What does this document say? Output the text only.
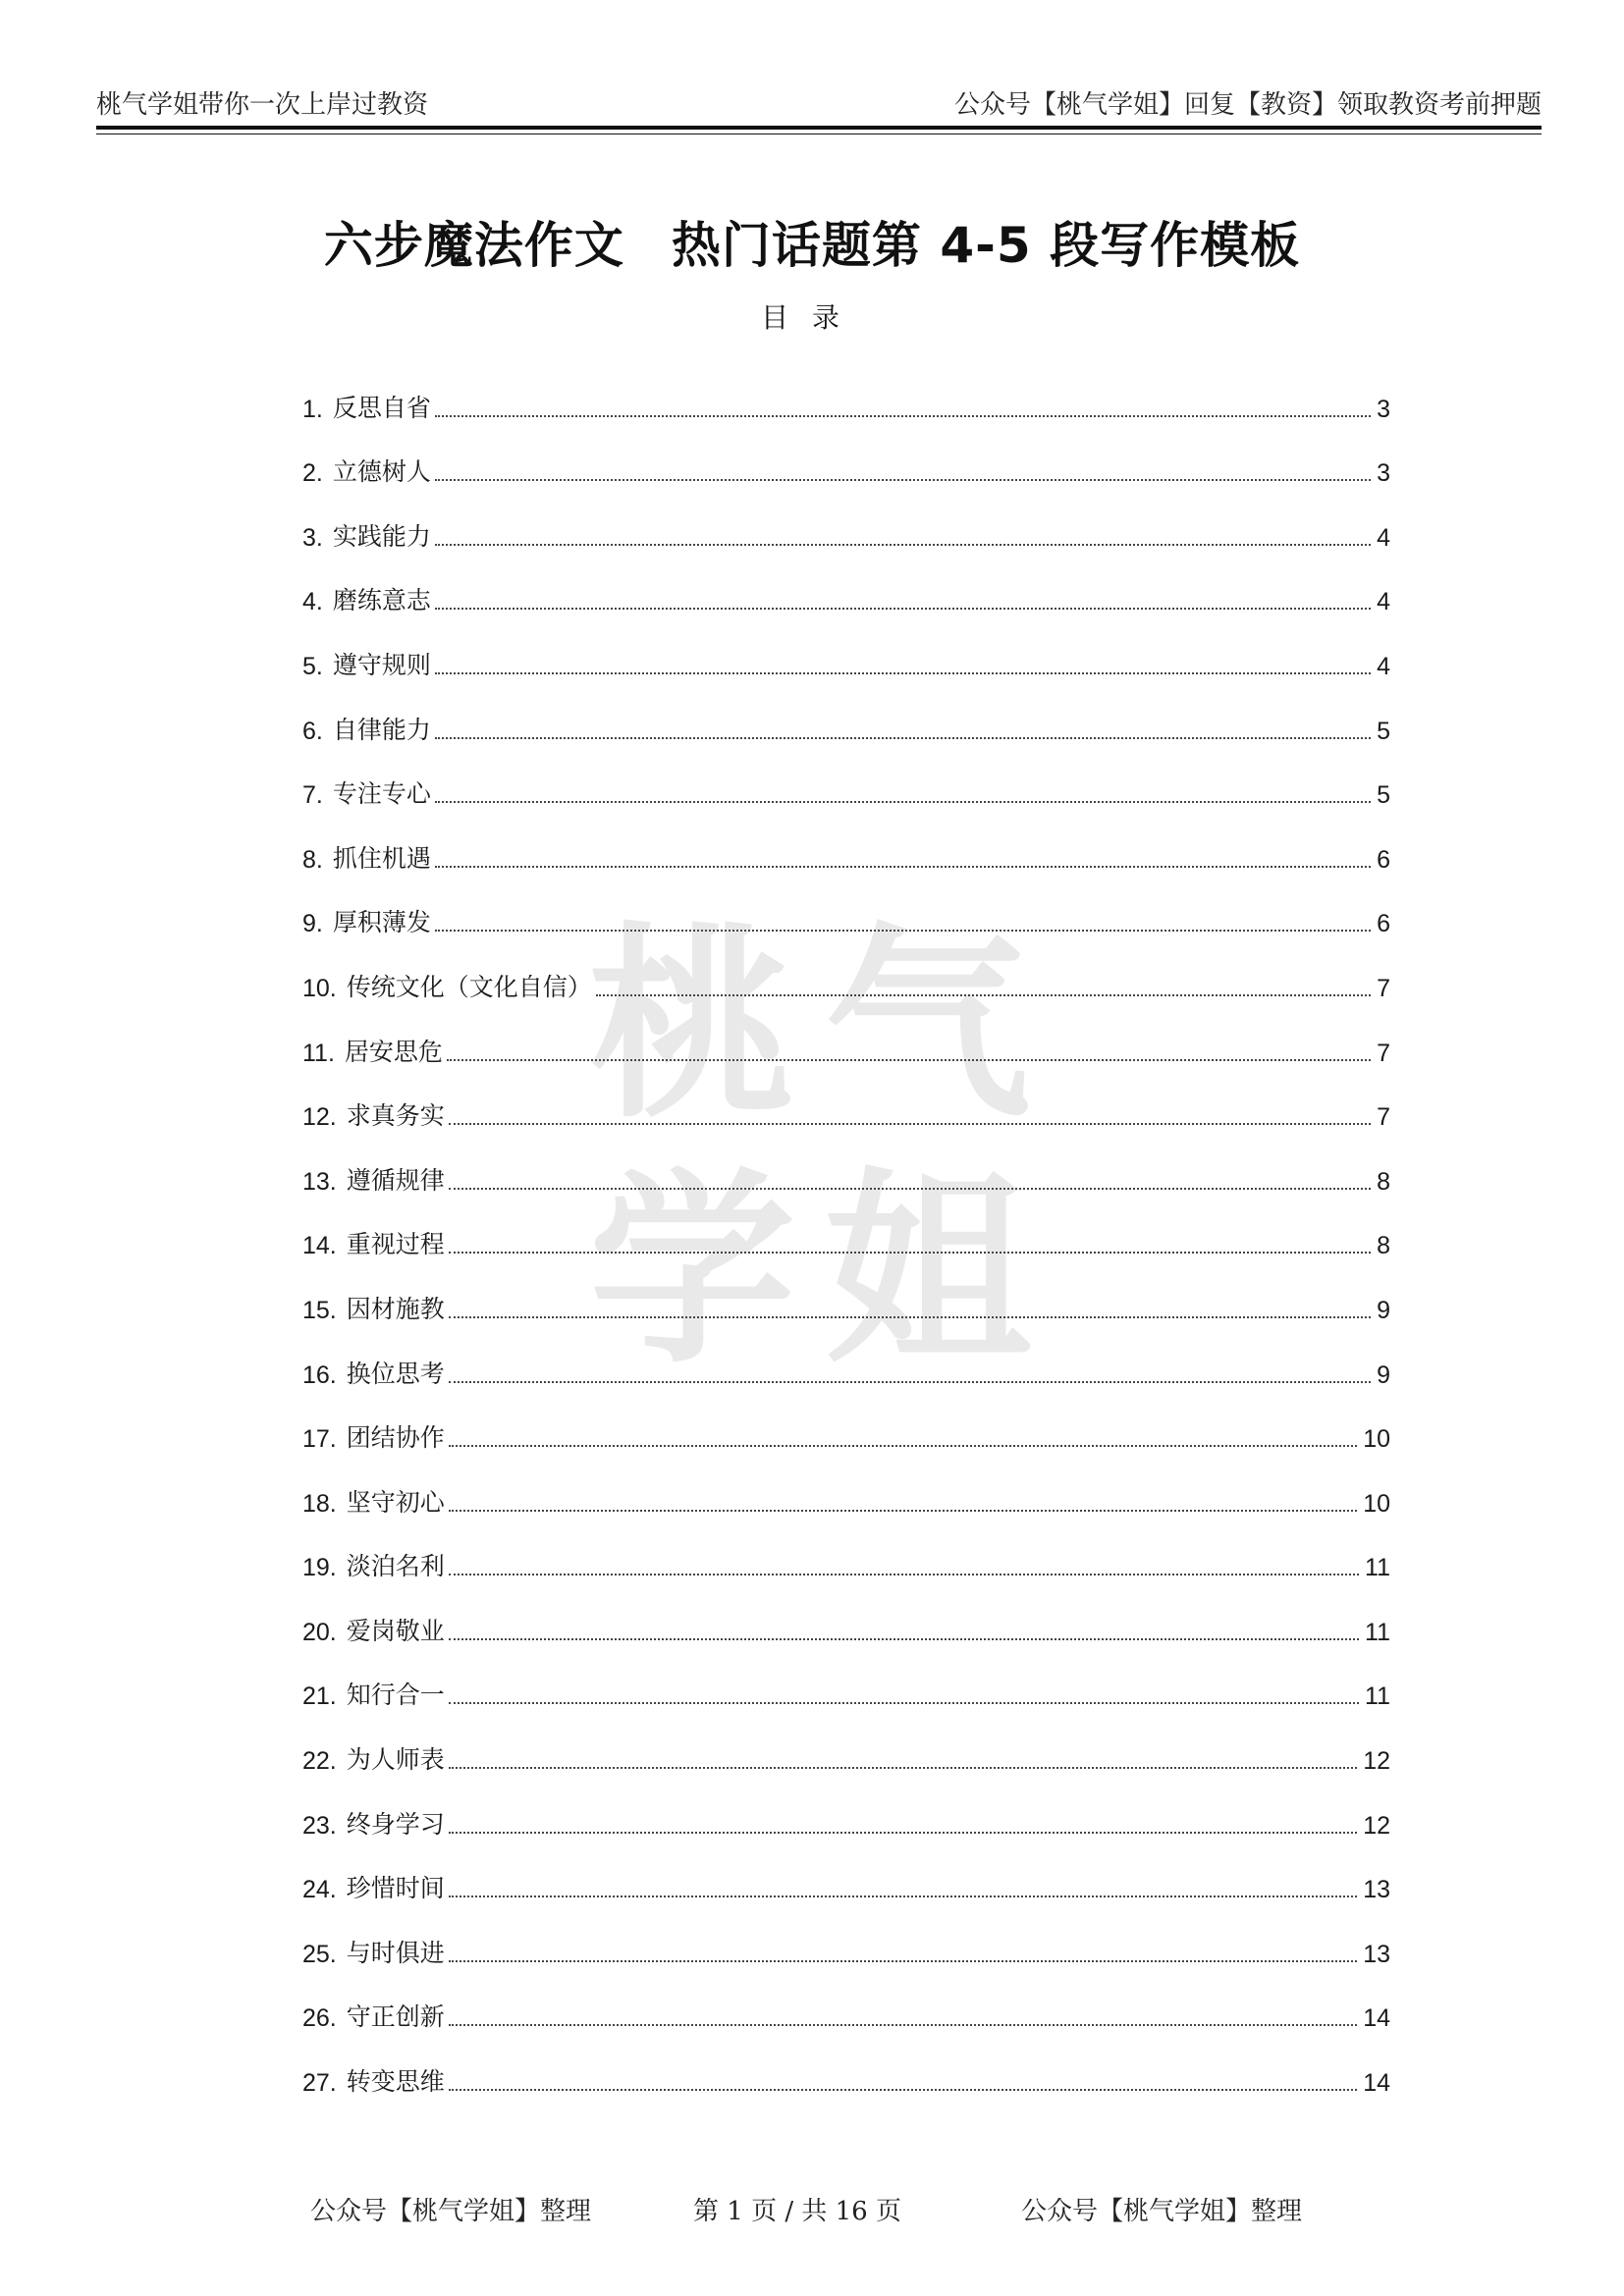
桃气学姐带你一次上岸过教资	公众号【桃气学姐】回复【教资】领取教资考前押题
桃气学姐
六步魔法作文 热门话题第 4-5 段写作模板
目录
1. 反思自省	3
2. 立德树人	3
3. 实践能力	4
4. 磨练意志	4
5. 遵守规则	4
6. 自律能力	5
7. 专注专心	5
8. 抓住机遇	6
9. 厚积薄发	6
10. 传统文化（文化自信）	7
11. 居安思危	7
12. 求真务实	7
13. 遵循规律	8
14. 重视过程	8
15. 因材施教	9
16. 换位思考	9
17. 团结协作	10
18. 坚守初心	10
19. 淡泊名利	11
20. 爱岗敬业	11
21. 知行合一	11
22. 为人师表	12
23. 终身学习	12
24. 珍惜时间	13
25. 与时俱进	13
26. 守正创新	14
27. 转变思维	14
公众号【桃气学姐】整理	第 1 页 / 共 16 页	公众号【桃气学姐】整理
